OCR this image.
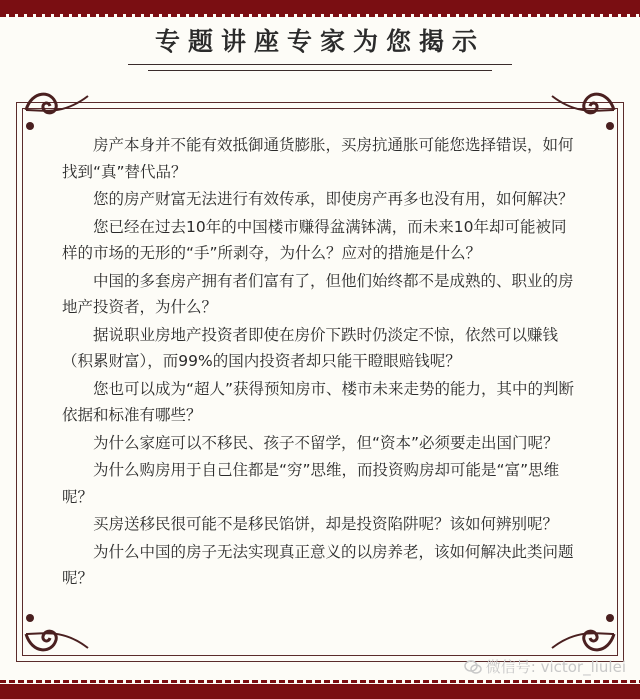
专题讲座专家为您揭示

房产本身并不能有效抵御通货膨胀，买房抗通胀可能您选择错误，如何找到“真”替代品？

您的房产财富无法进行有效传承，即使房产再多也没有用，如何解决？

您已经在过去10年的中国楼市赚得盆满钵满，而未来10年却可能被同样的市场的无形的“手”所剥夺，为什么？应对的措施是什么？

中国的多套房产拥有者们富有了，但他们始终都不是成熟的、职业的房地产投资者，为什么？

据说职业房地产投资者即使在房价下跌时仍淡定不惊，依然可以赚钱（积累财富），而99%的国内投资者却只能干瞪眼赔钱呢？

您也可以成为“超人”获得预知房市、楼市未来走势的能力，其中的判断依据和标准有哪些？

为什么家庭可以不移民、孩子不留学，但“资本”必须要走出国门呢？

为什么购房用于自己住都是“穷”思维，而投资购房却可能是“富”思维呢？

买房送移民很可能不是移民馅饼，却是投资陷阱呢？该如何辨别呢？

为什么中国的房子无法实现真正意义的以房养老，该如何解决此类问题呢？

微信号: victor_liulei
